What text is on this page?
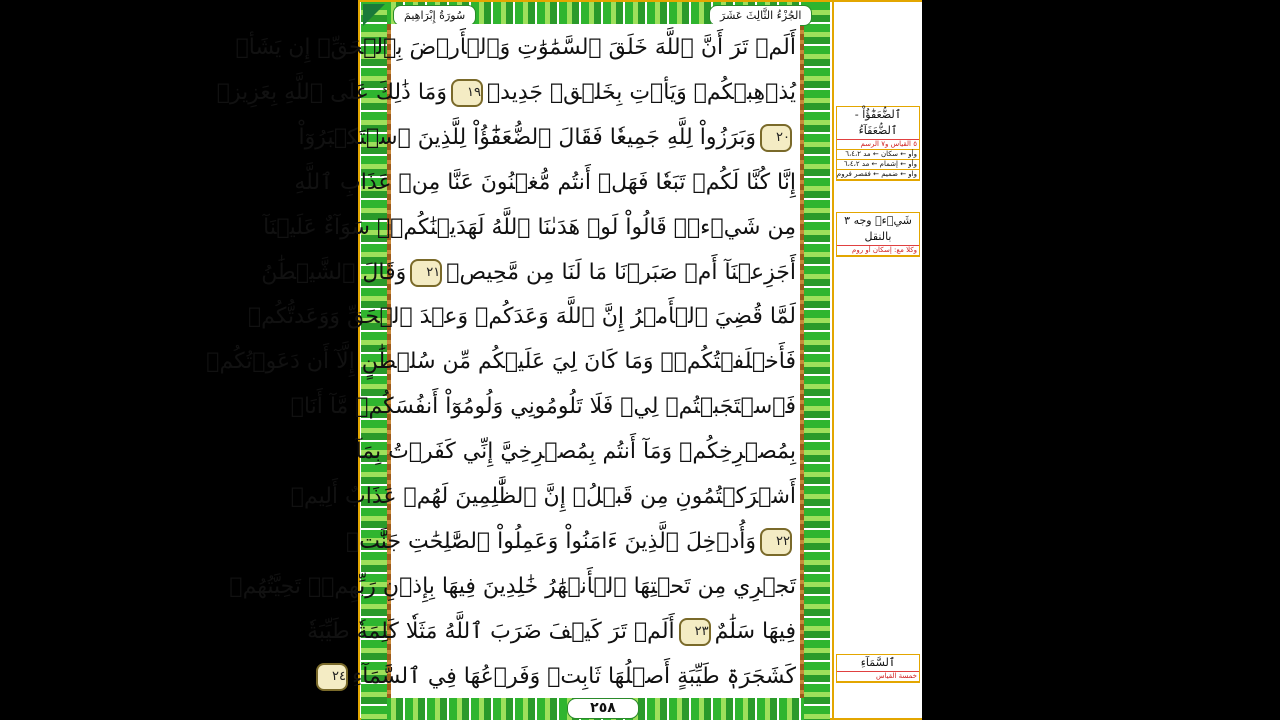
سُورَةُ إِبْرَاهِيمَ	الجُزْءُ الثَّالِثَ عَشَرَ
أَلَمۡ تَرَ أَنَّ ٱللَّهَ خَلَقَ ٱلسَّمَٰوَٰتِ وَٱلۡأَرۡضَ بِٱلۡحَقِّۚ إِن يَشَأۡ
يُذۡهِبۡكُمۡ وَيَأۡتِ بِخَلۡقٖ جَدِيدٖ١٩وَمَا ذَٰلِكَ عَلَى ٱللَّهِ بِعَزِيزٖ
٢٠وَبَرَزُواْ لِلَّهِ جَمِيعٗا فَقَالَ ٱلضُّعَفَٰٓؤُاْ لِلَّذِينَ ٱسۡتَكۡبَرُوٓاْ
إِنَّا كُنَّا لَكُمۡ تَبَعٗا فَهَلۡ أَنتُم مُّغۡنُونَ عَنَّا مِنۡ عَذَابِ ٱللَّهِ
مِن شَيۡءٖۚ قَالُواْ لَوۡ هَدَىٰنَا ٱللَّهُ لَهَدَيۡنَٰكُمۡۖ سَوَآءٌ عَلَيۡنَآ
أَجَزِعۡنَآ أَمۡ صَبَرۡنَا مَا لَنَا مِن مَّحِيصٖ٢١وَقَالَ ٱلشَّيۡطَٰنُ
لَمَّا قُضِيَ ٱلۡأَمۡرُ إِنَّ ٱللَّهَ وَعَدَكُمۡ وَعۡدَ ٱلۡحَقِّ وَوَعَدتُّكُمۡ
فَأَخۡلَفۡتُكُمۡۖ وَمَا كَانَ لِيَ عَلَيۡكُم مِّن سُلۡطَٰنٍ إِلَّآ أَن دَعَوۡتُكُمۡ
فَٱسۡتَجَبۡتُمۡ لِيۖ فَلَا تَلُومُونِي وَلُومُوٓاْ أَنفُسَكُمۖ مَّآ أَنَا۠
بِمُصۡرِخِكُمۡ وَمَآ أَنتُم بِمُصۡرِخِيَّ إِنِّي كَفَرۡتُ بِمَآ
أَشۡرَكۡتُمُونِ مِن قَبۡلُۗ إِنَّ ٱلظَّٰلِمِينَ لَهُمۡ عَذَابٌ أَلِيمٞ
٢٢وَأُدۡخِلَ ٱلَّذِينَ ءَامَنُواْ وَعَمِلُواْ ٱلصَّٰلِحَٰتِ جَنَّٰتٖ
تَجۡرِي مِن تَحۡتِهَا ٱلۡأَنۡهَٰرُ خَٰلِدِينَ فِيهَا بِإِذۡنِ رَبِّهِمۡۖ تَحِيَّتُهُمۡ
فِيهَا سَلَٰمٌ٢٣أَلَمۡ تَرَ كَيۡفَ ضَرَبَ ٱللَّهُ مَثَلٗا كَلِمَةٗ طَيِّبَةٗ
كَشَجَرَةٖ طَيِّبَةٍ أَصۡلُهَا ثَابِتٞ وَفَرۡعُهَا فِي ٱلسَّمَآءِ٢٤
٢٥٨
ٱلضُّعَفَٰٓؤُاْ - ٱلضُّعَفَآءُ
٥ القياس و٧ الرسم
وأو ← سكان ← مد ٦،٤،٢
وأو ← إشمام ← مد ٦،٤،٢
واو ← ضميم ← فقصر فروم
شَيۡءٖ وجه ٣ بالنقل
وكلا مع: إسكان أو روم
ٱلسَّمَآءِ
خمسة القياس
